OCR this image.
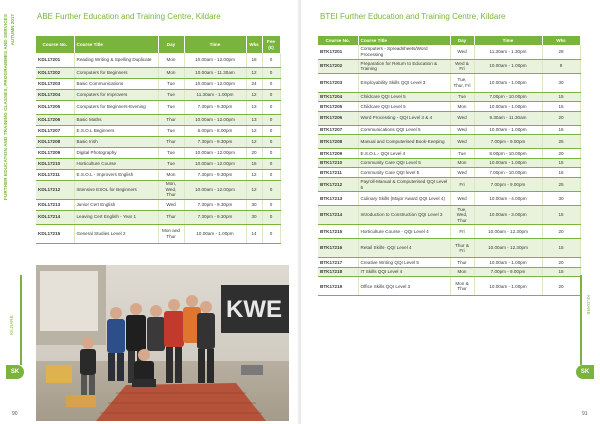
FURTHER EDUCATION AND TRAINING CLASSES, PROGRAMMES AND SERVICES AUTUMN 2017	ABE Further Education and Training Centre, Kildare
Course No.	Course Title	Day	Time	Wks	Fee (€)
KDL17201	Reading Writing & Spelling Duplicate	Mon	10.00am - 12.00pm	18	0
KDL17202	Computers for Beginners	Mon	10.00am - 11.30am	12	0
KDL17203	Basic Communications	Tue	10.00am - 12.00pm	24	0
KDL17204	Computers for Improvers	Tue	11.30am - 1.00pm	12	0
KDL17205	Computers for Beginners-Evening	Tue	7.30pm - 9.30pm	13	0
KDL17206	Basic Maths	Thur	10.00am - 12.00pm	13	0
KDL17207	E.S.O.L Beginners	Tue	6.00pm - 8.00pm	12	0
KDL17208	Basic Irish	Thur	7.30pm - 9.30pm	12	0
KDL17209	Digital Photography	Tue	10.00am - 12.00pm	20	0
KDL17210	Horticulture Course	Tue	10.00am - 12.00pm	15	0
KDL17211	E.S.O.L - Improvers English	Mon	7.30pm - 9.30pm	12	0
KDL17212	Intensive ESOL for Beginners	Mon, Wed, Thur	10.00am - 12.00pm	12	0
KDL17213	Junior Cert English	Wed	7.30pm - 9.30pm	30	0
KDL17214	Leaving Cert English - Year 1	Thur	7.30pm - 9.30pm	30	0
KDL17215	General Studies Level 2	Mon and Thur	10.00am - 1.00pm	14	0
KWE
KILDARE
SK
90
BTEI Further Education and Training Centre, Kildare
Course No.	Course Title	Day	Time	Wks
BTK17201	Computers - Spreadsheets/Word Processing	Wed	11.30am - 1.30pm	28
BTK17202	Preparation for Return to Education & Training	Wed & Fri	10.00am - 1.00pm	9
BTK17203	Employability Skills QQI Level 3	Tue, Thur, Fri	10.00am - 1.00pm	30
BTK17204	Childcare QQI Level 5	Tue	7.00pm - 10.00pm	15
BTK17205	Childcare QQI Level 5	Mon	10.00am - 1.00pm	15
BTK17206	Word Processing - QQI Level 3 & 4	Wed	9.30am - 11.30am	20
BTK17207	Communications QQI Level 5	Wed	10.00am - 1.00pm	16
BTK17208	Manual and Computerised Book-Keeping	Wed	7.00pm - 9.00pm	25
BTK17209	E.S.O.L.- QQI Level 4	Tue	8.00pm - 10.00pm	20
BTK17210	Community Care QQI Level 5	Mon	10.00am - 1.00pm	15
BTK17211	Community Care QQI level 5	Wed	7.00pm - 10.00pm	16
BTK17212	Payroll-Manual & Computerised QQI Level 5	Fri	7.00pm - 9.00pm	25
BTK17213	Culinary Skills (Major Award QQI Level 4)	Wed	10.00am - 4.00pm	30
BTK17214	Introduction to Construction QQI Level 3	Tue, Wed, Thur	10.00am - 3.00pm	15
BTK17215	Horticulture Course - QQI Level 4	Fri	10.00am - 12.30pm	20
BTK17216	Retail Skills- QQI Level 4	Thur & Fri	10.00am - 12.30pm	15
BTK17217	Creative Writing QQI Level 5	Thur	10.00am - 1.00pm	20
BTK17218	IT Skills QQI Level 4	Mon	7.00pm - 9.00pm	15
BTK17219	Office Skills QQI Level 3	Mon & Thur	10.00am - 1.00pm	20
KILDARE
SK
91
